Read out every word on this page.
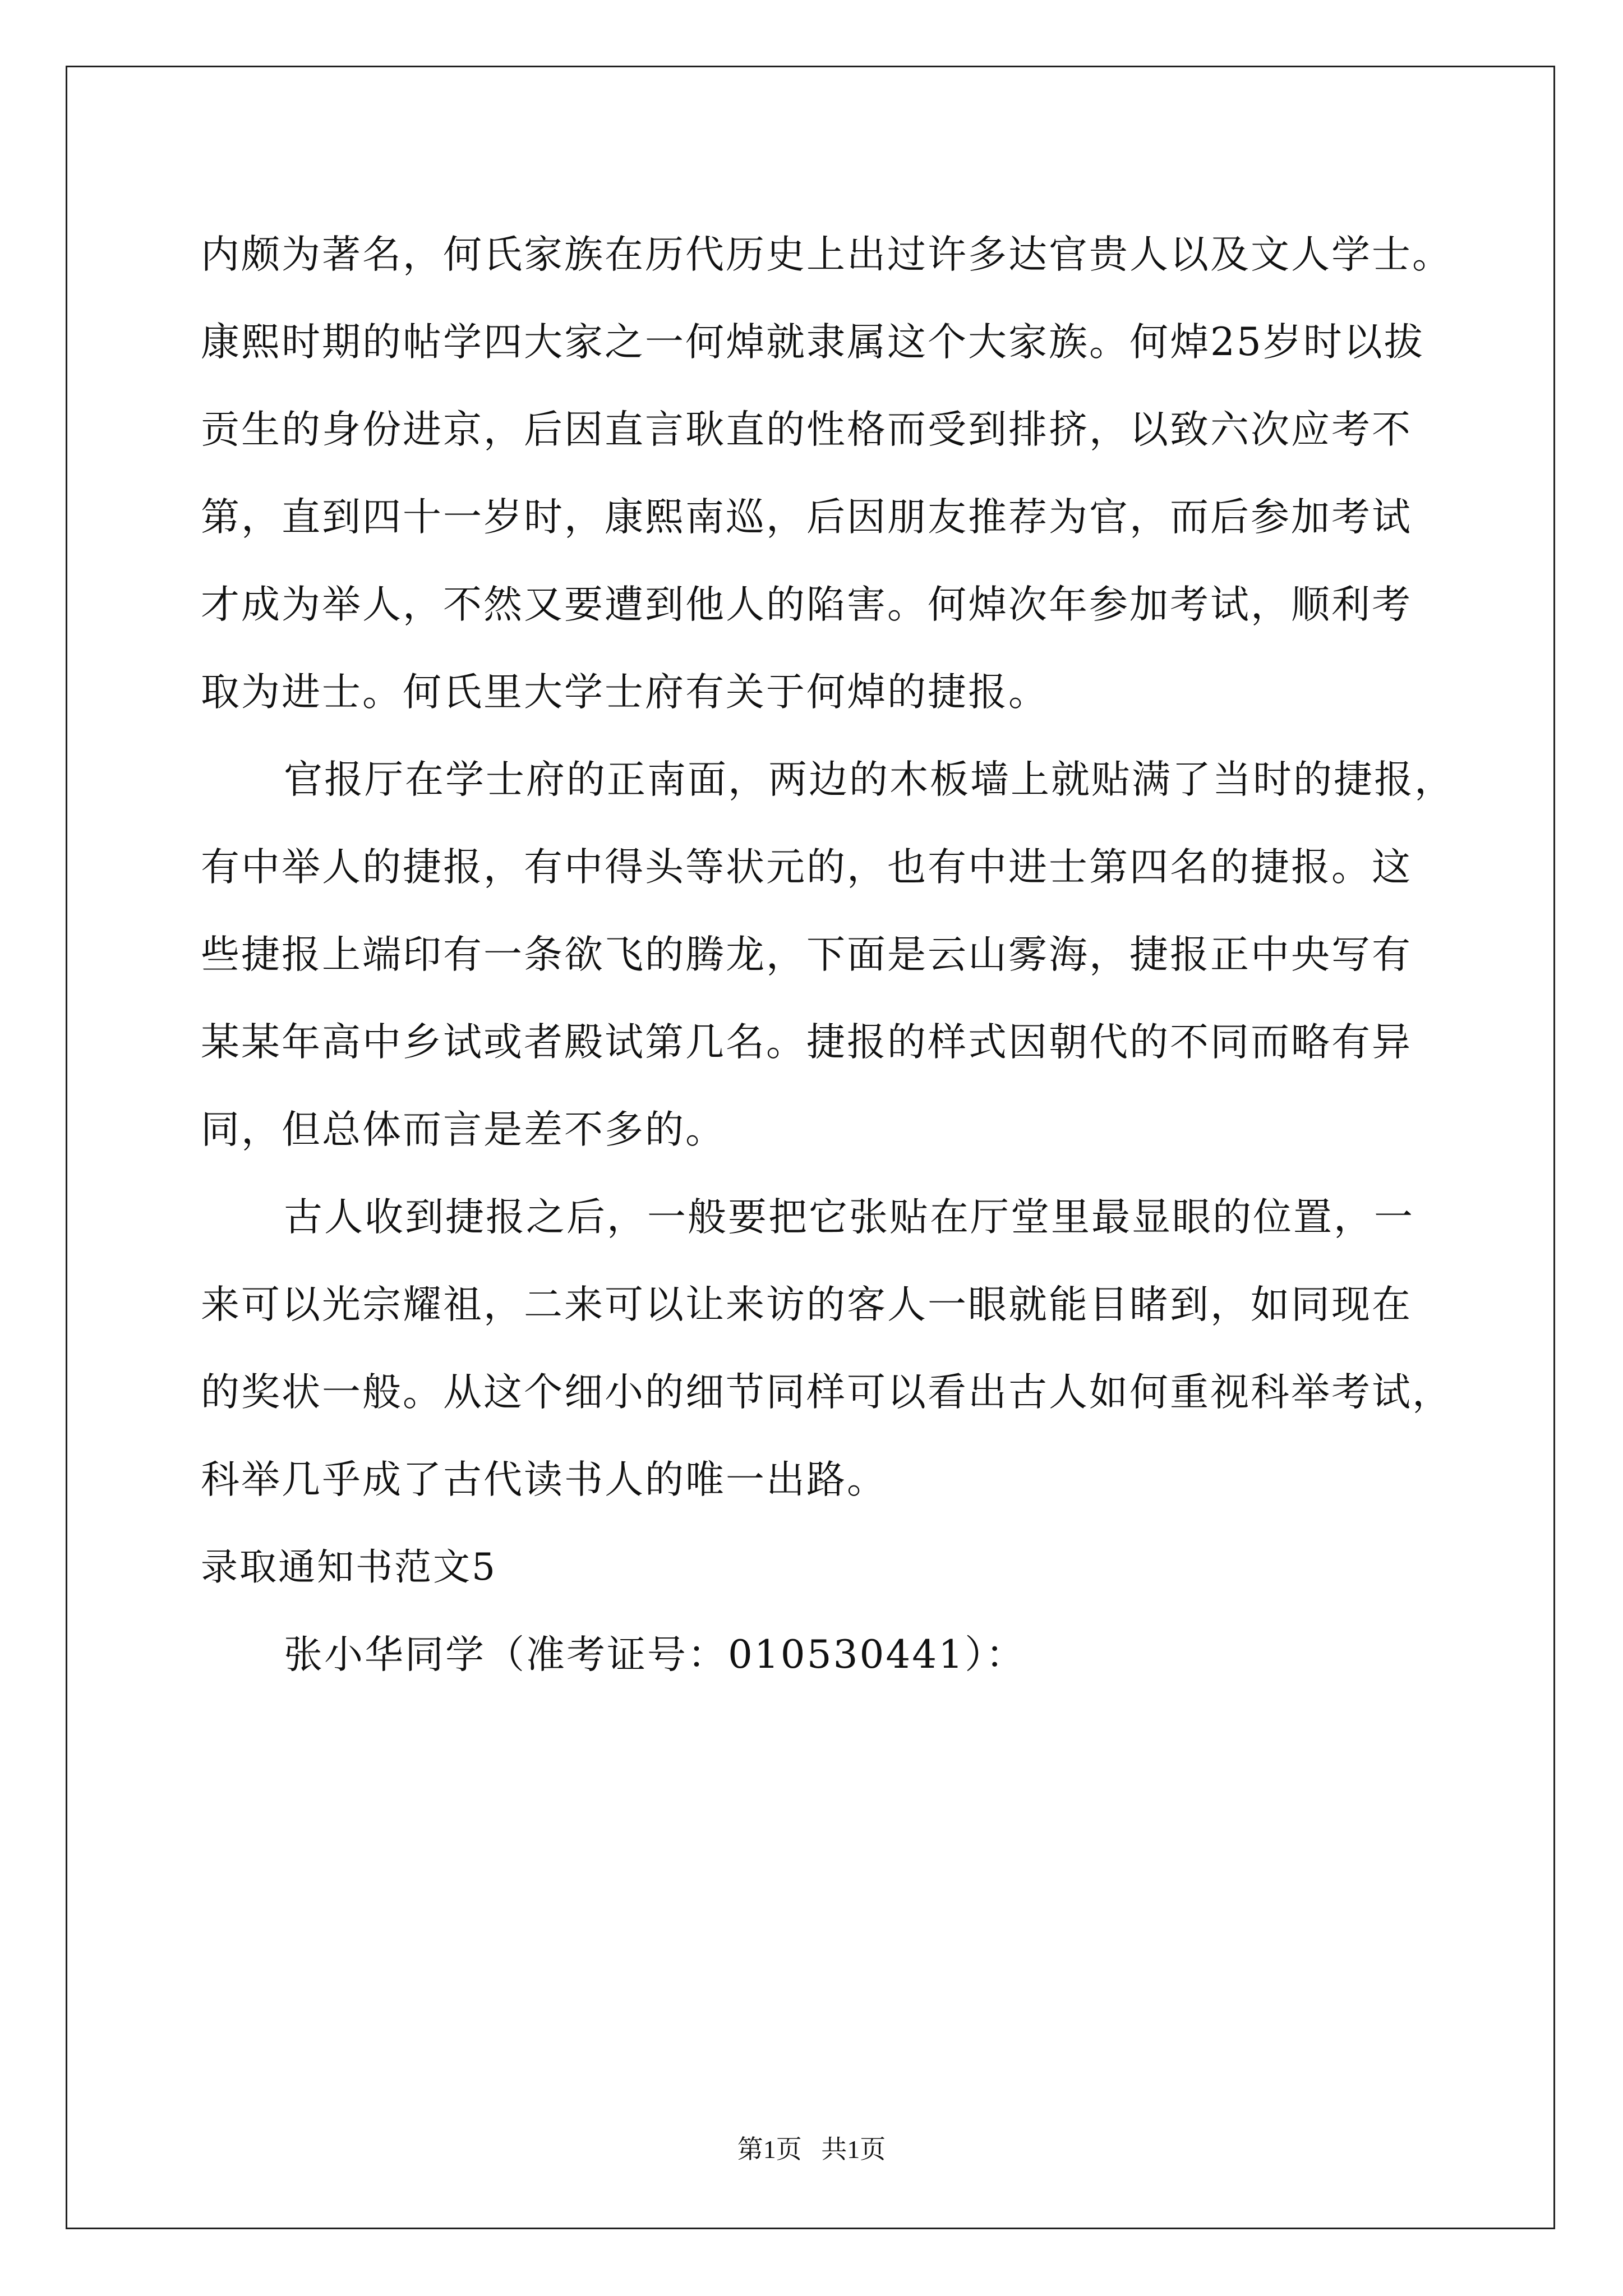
内颇为著名，何氏家族在历代历史上出过许多达官贵人以及文人学士。
康熙时期的帖学四大家之一何焯就隶属这个大家族。何焯25岁时以拔
贡生的身份进京，后因直言耿直的性格而受到排挤，以致六次应考不
第，直到四十一岁时，康熙南巡，后因朋友推荐为官，而后参加考试
才成为举人，不然又要遭到他人的陷害。何焯次年参加考试，顺利考
取为进士。何氏里大学士府有关于何焯的捷报。
官报厅在学士府的正南面，两边的木板墙上就贴满了当时的捷报，
有中举人的捷报，有中得头等状元的，也有中进士第四名的捷报。这
些捷报上端印有一条欲飞的腾龙，下面是云山雾海，捷报正中央写有
某某年高中乡试或者殿试第几名。捷报的样式因朝代的不同而略有异
同，但总体而言是差不多的。
古人收到捷报之后，一般要把它张贴在厅堂里最显眼的位置，一
来可以光宗耀祖，二来可以让来访的客人一眼就能目睹到，如同现在
的奖状一般。从这个细小的细节同样可以看出古人如何重视科举考试，
科举几乎成了古代读书人的唯一出路。
录取通知书范文5
张小华同学（准考证号：010530441）：
第1页 共1页
